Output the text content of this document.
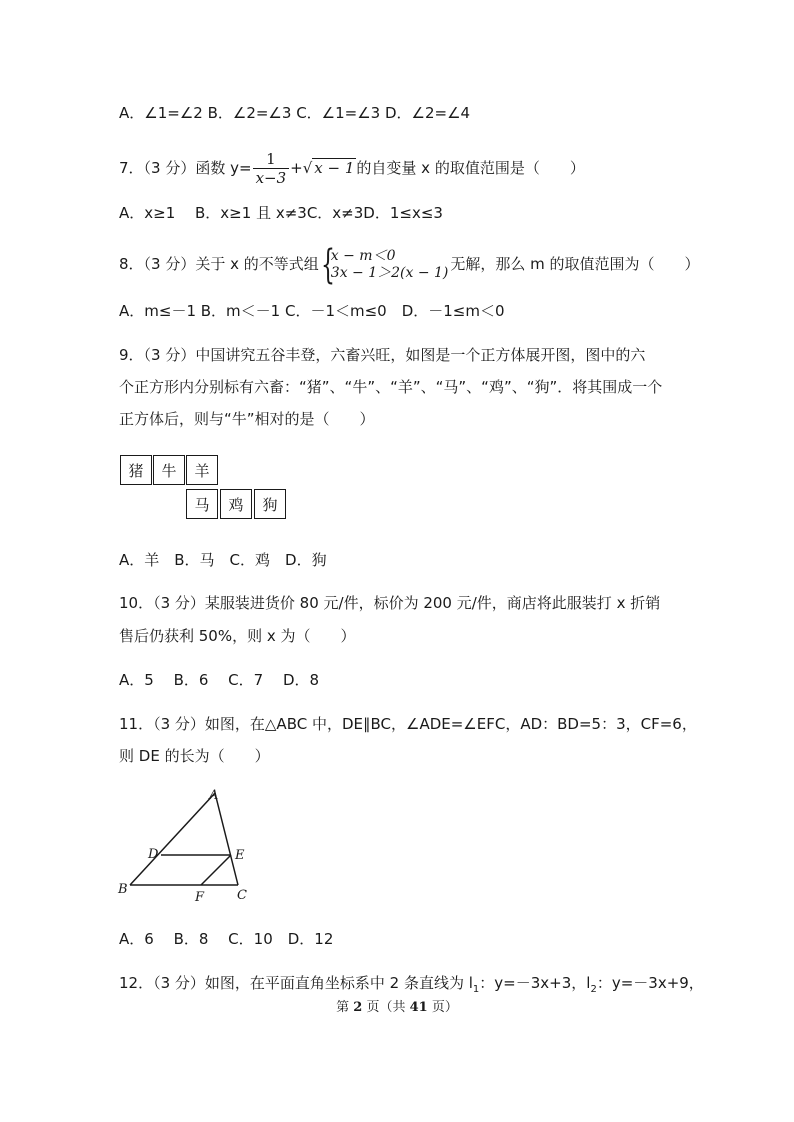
A．∠1=∠2 B．∠2=∠3 C．∠1=∠3 D．∠2=∠4
7．（3 分）函数 $y= \frac{1}{x-3}$ +√ x − 1 的自变量 x 的取值范围是（　　）
A．x≥1　 B．x≥1 且 x≠3C．x≠3D．1≤x≤3
8．（3 分）关于 x 的不等式组 {
x − m＜0
3x − 1＞2(x − 1) 无解，那么 m 的取值范围为（　　）
A．m≤－1 B．m＜－1 C．－1＜m≤0　D．－1≤m＜0
9．（3 分）中国讲究五谷丰登，六畜兴旺，如图是一个正方体展开图，图中的六
个正方形内分别标有六畜：“猪”、“牛”、“羊”、“马”、“鸡”、“狗”．将其围成一个
正方体后，则与“牛”相对的是（　　）
猪	牛	羊
马	鸡	狗
A．羊　B．马　C．鸡　D．狗
10．（3 分）某服装进货价 80 元/件，标价为 200 元/件，商店将此服装打 x 折销
售后仍获利 50%，则 x 为（　　）
A．5　 B．6　 C．7　 D．8
11．（3 分）如图，在△ABC 中，DE∥BC，∠ADE=∠EFC，AD：BD=5：3，CF=6，
则 DE 的长为（　　）
A
D	E
B
F	C
A．6　 B．8　 C．10　D．12
12．（3 分）如图，在平面直角坐标系中 2 条直线为 $l_1$：y=－3x+3，$l_2$：y=－3x+9，
第 2 页（共 41 页）
